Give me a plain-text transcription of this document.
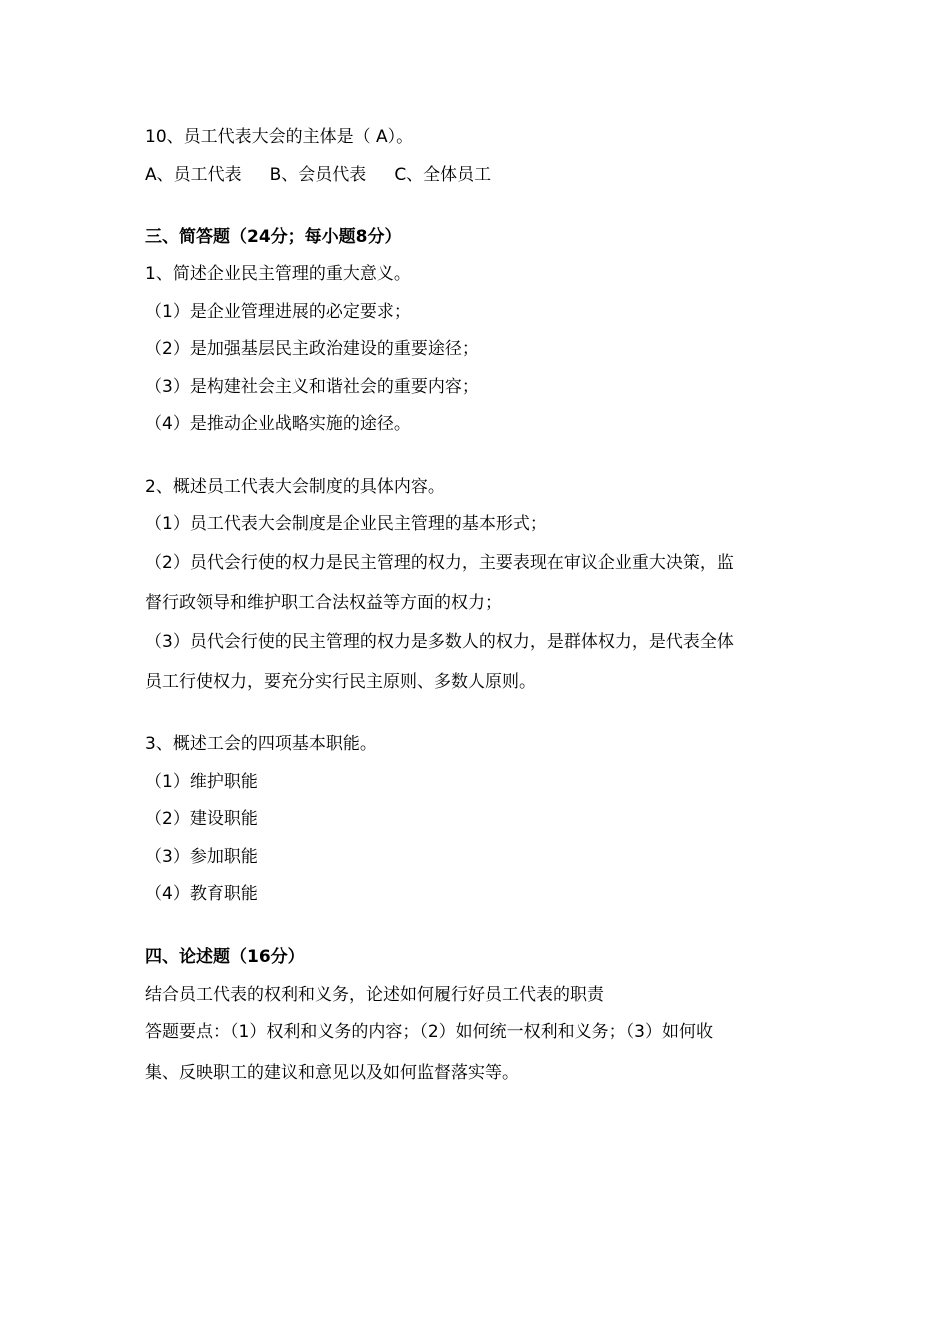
10、员工代表大会的主体是（ A）。
A、员工代表 B、会员代表 C、全体员工
三、简答题（24分；每小题8分）
1、简述企业民主管理的重大意义。
（1）是企业管理进展的必定要求；
（2）是加强基层民主政治建设的重要途径；
（3）是构建社会主义和谐社会的重要内容；
（4）是推动企业战略实施的途径。
2、概述员工代表大会制度的具体内容。
（1）员工代表大会制度是企业民主管理的基本形式；
（2）员代会行使的权力是民主管理的权力，主要表现在审议企业重大决策，监
督行政领导和维护职工合法权益等方面的权力；
（3）员代会行使的民主管理的权力是多数人的权力，是群体权力，是代表全体
员工行使权力，要充分实行民主原则、多数人原则。
3、概述工会的四项基本职能。
（1）维护职能
（2）建设职能
（3）参加职能
（4）教育职能
四、论述题（16分）
结合员工代表的权利和义务，论述如何履行好员工代表的职责
答题要点：（1）权利和义务的内容；（2）如何统一权利和义务；（3）如何收
集、反映职工的建议和意见以及如何监督落实等。
